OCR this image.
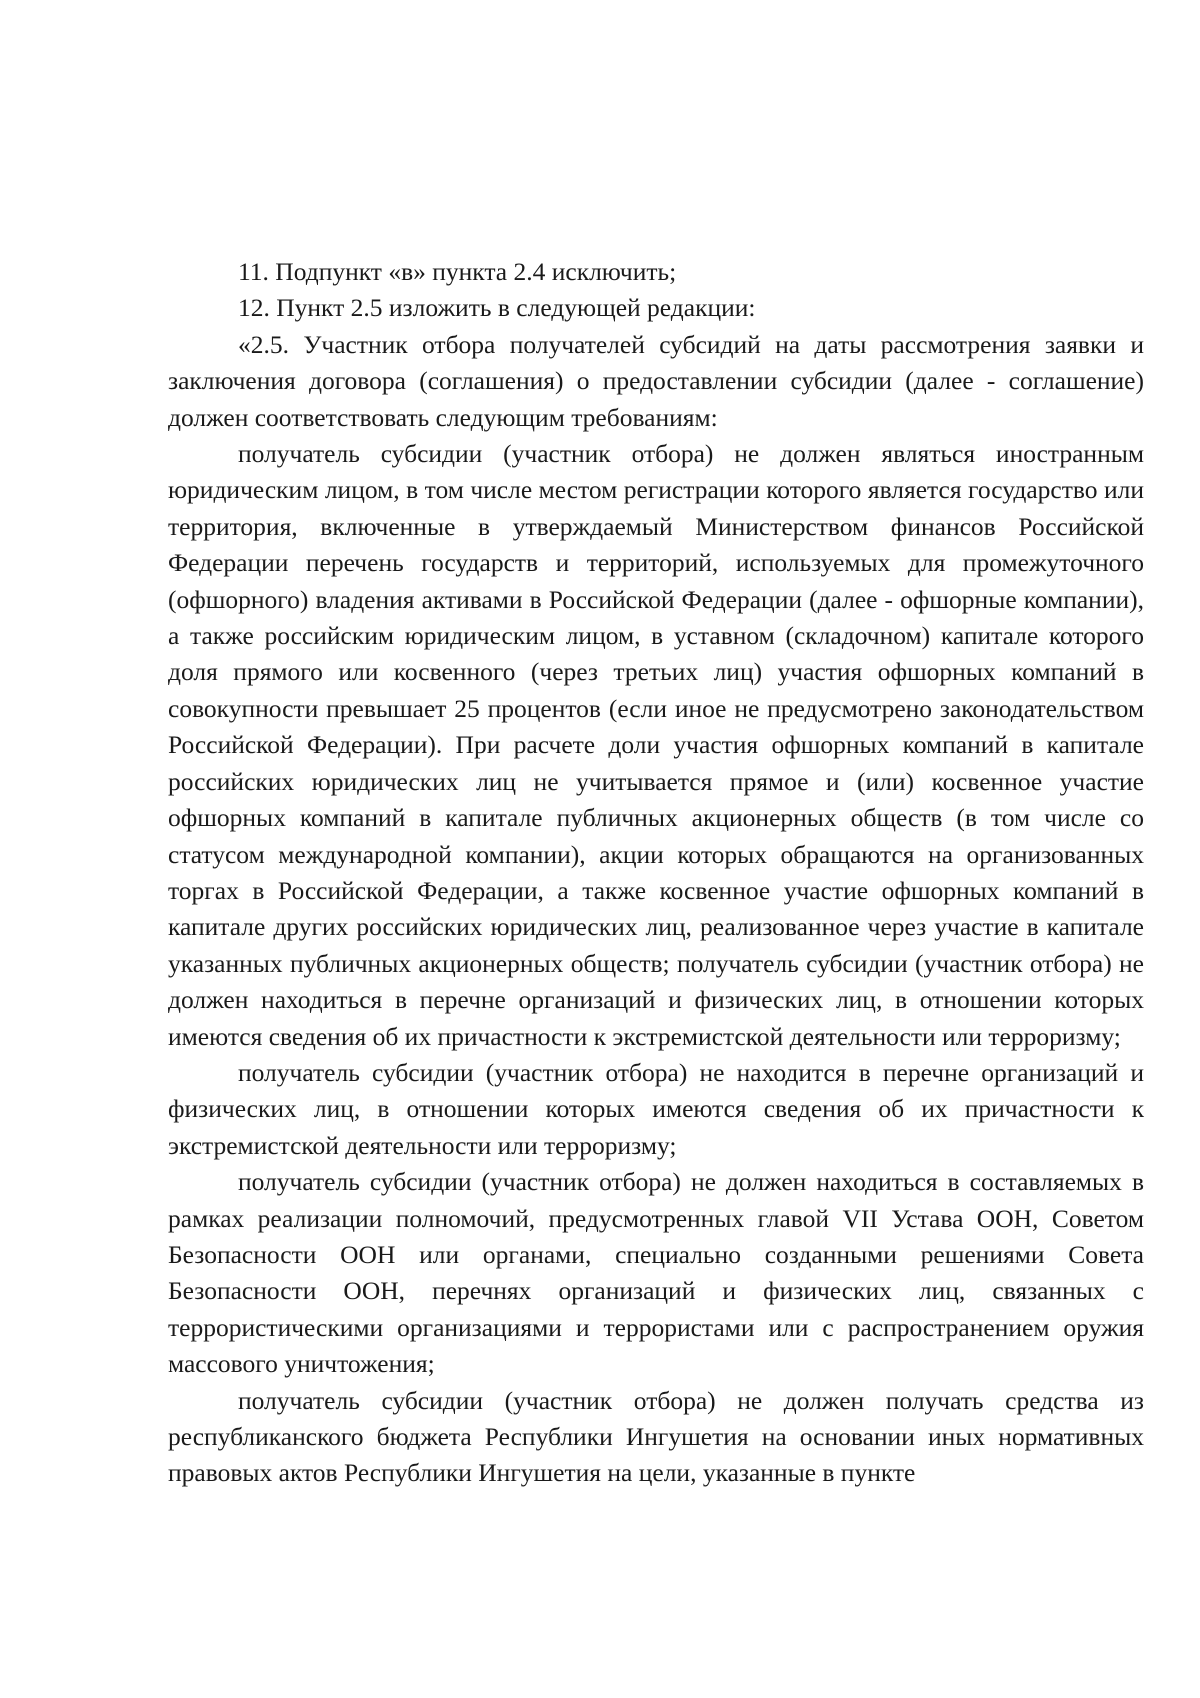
11. Подпункт «в» пункта 2.4 исключить;

12. Пункт 2.5 изложить в следующей редакции:

«2.5. Участник отбора получателей субсидий на даты рассмотрения заявки и заключения договора (соглашения) о предоставлении субсидии (далее - соглашение) должен соответствовать следующим требованиям:

получатель субсидии (участник отбора) не должен являться иностранным юридическим лицом, в том числе местом регистрации которого является государство или территория, включенные в утверждаемый Министерством финансов Российской Федерации перечень государств и территорий, используемых для промежуточного (офшорного) владения активами в Российской Федерации (далее - офшорные компании), а также российским юридическим лицом, в уставном (складочном) капитале которого доля прямого или косвенного (через третьих лиц) участия офшорных компаний в совокупности превышает 25 процентов (если иное не предусмотрено законодательством Российской Федерации). При расчете доли участия офшорных компаний в капитале российских юридических лиц не учитывается прямое и (или) косвенное участие офшорных компаний в капитале публичных акционерных обществ (в том числе со статусом международной компании), акции которых обращаются на организованных торгах в Российской Федерации, а также косвенное участие офшорных компаний в капитале других российских юридических лиц, реализованное через участие в капитале указанных публичных акционерных обществ; получатель субсидии (участник отбора) не должен находиться в перечне организаций и физических лиц, в отношении которых имеются сведения об их причастности к экстремистской деятельности или терроризму;

получатель субсидии (участник отбора) не находится в перечне организаций и физических лиц, в отношении которых имеются сведения об их причастности к экстремистской деятельности или терроризму;

получатель субсидии (участник отбора) не должен находиться в составляемых в рамках реализации полномочий, предусмотренных главой VII Устава ООН, Советом Безопасности ООН или органами, специально созданными решениями Совета Безопасности ООН, перечнях организаций и физических лиц, связанных с террористическими организациями и террористами или с распространением оружия массового уничтожения;

получатель субсидии (участник отбора) не должен получать средства из республиканского бюджета Республики Ингушетия на основании иных нормативных правовых актов Республики Ингушетия на цели, указанные в пункте
